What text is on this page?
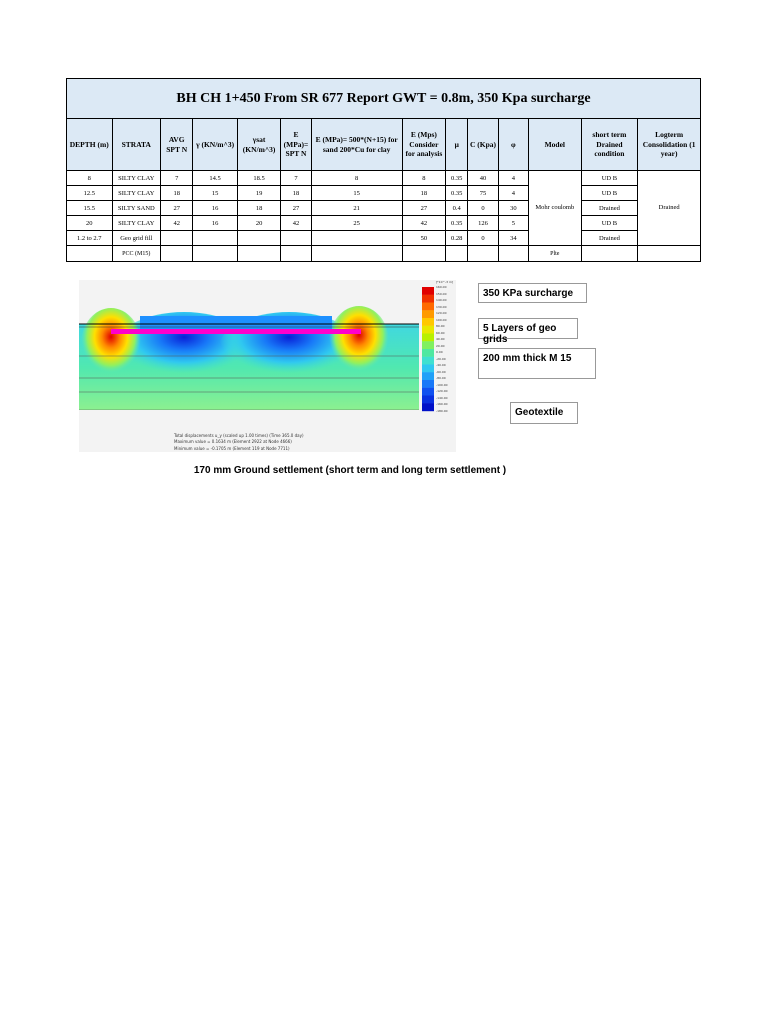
BH CH 1+450 From SR 677 Report GWT = 0.8m, 350 Kpa surcharge
DEPTH (m)	STRATA	AVG SPT N	γ (KN/m^3)	γsat (KN/m^3)	E (MPa)= SPT N	E (MPa)= 500*(N+15) for sand 200*Cu for clay	E (Mps) Consider for analysis	μ	C (Kpa)	φ	Model	short term Drained condition	Logterm Consolidation (1 year)
8	SILTY CLAY	7	14.5	18.5	7	8	8	0.35	40	4	Mohr coulomb	UD B	Drained
12.5	SILTY CLAY	18	15	19	18	15	18	0.35	75	4		UD B	
15.5	SILTY SAND	27	16	18	27	21	27	0.4	0	30		Drained	
20	SILTY CLAY	42	16	20	42	25	42	0.35	126	5		UD B	
1.2 to 2.7	Geo grid fill						50	0.28	0	34		Drained	
	PCC (M15)										Plte		
[*10^-3 m]
160.00
150.00
140.00
130.00
120.00
100.00
80.00
60.00
40.00
20.00
0.00
-20.00
-40.00
-60.00
-80.00
-100.00
-120.00
-140.00
-160.00
-180.00
Total displacements u_y (scaled up 1.00 times) (Time 365.0 day)
Maximum value = 0.1634 m (Element 2922 at Node 4666)
Minimum value = -0.1705 m (Element 119 at Node 7711)
350 KPa surcharge
5 Layers of geo grids
200 mm thick M 15
Geotextile
170 mm Ground settlement (short term and long term settlement )
